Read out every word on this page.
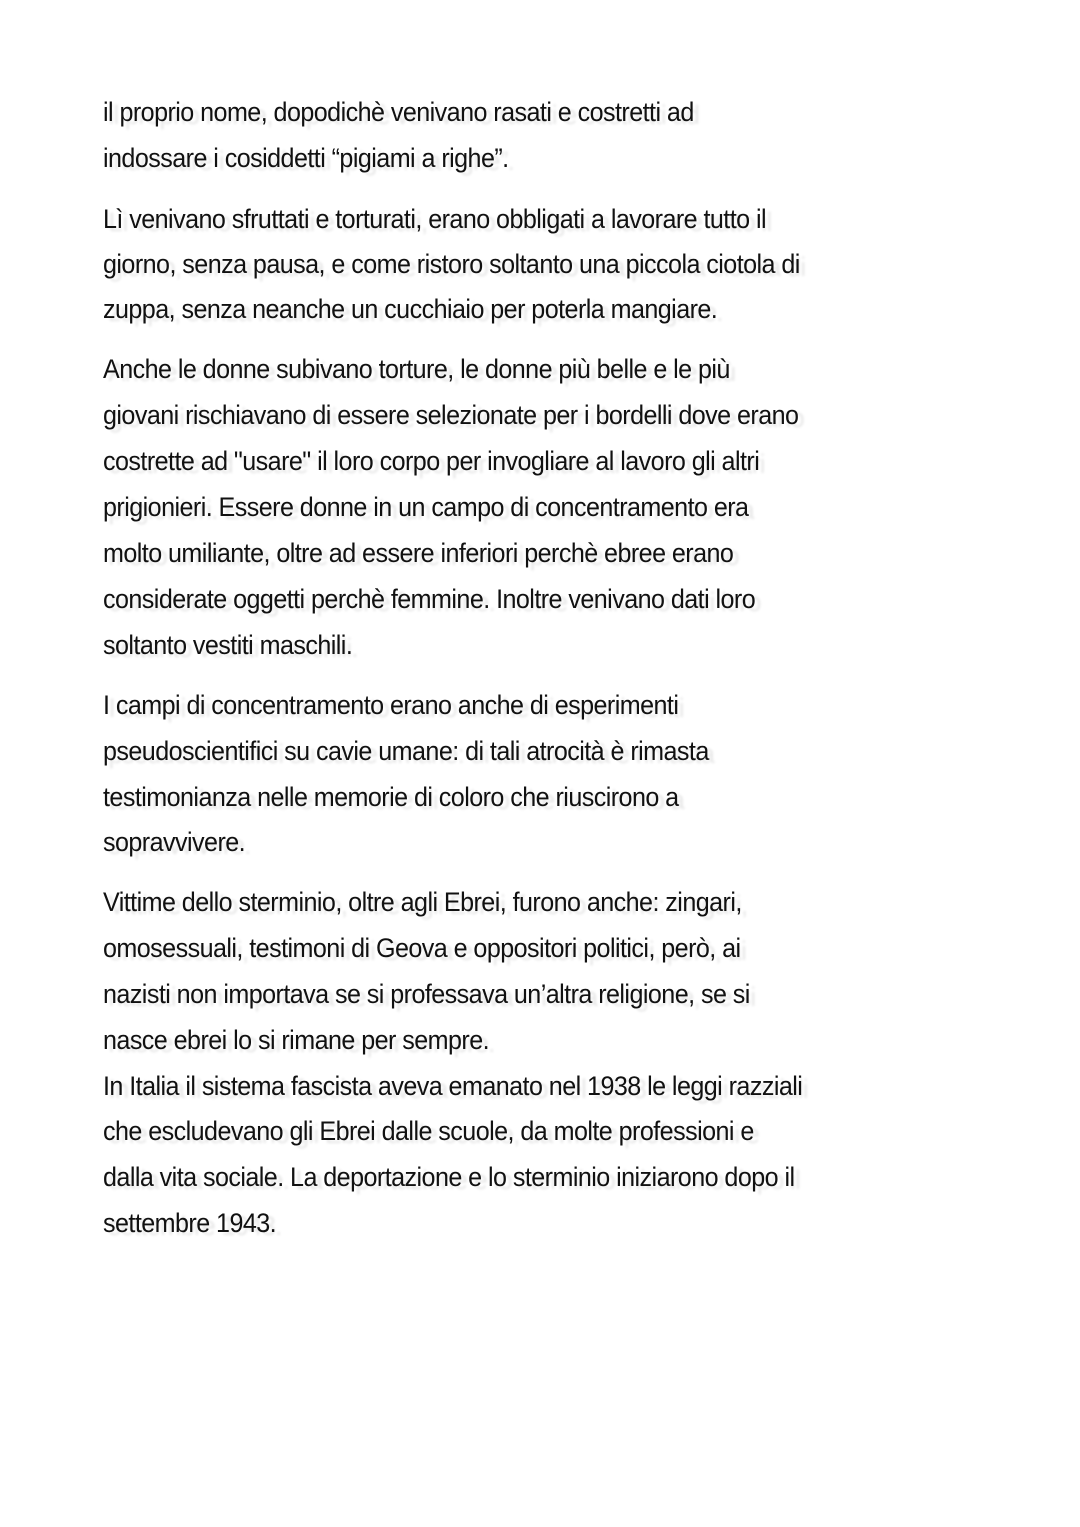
il proprio nome, dopodichè venivano rasati e costretti ad
indossare i cosiddetti “pigiami a righe”.
Lì venivano sfruttati e torturati, erano obbligati a lavorare tutto il
giorno, senza pausa, e come ristoro soltanto una piccola ciotola di
zuppa, senza neanche un cucchiaio per poterla mangiare.
Anche le donne subivano torture, le donne più belle e le più
giovani rischiavano di essere selezionate per i bordelli dove erano
costrette ad "usare" il loro corpo per invogliare al lavoro gli altri
prigionieri. Essere donne in un campo di concentramento era
molto umiliante, oltre ad essere inferiori perchè ebree erano
considerate oggetti perchè femmine. Inoltre venivano dati loro
soltanto vestiti maschili.
I campi di concentramento erano anche di esperimenti
pseudoscientifici su cavie umane: di tali atrocità è rimasta
testimonianza nelle memorie di coloro che riuscirono a
sopravvivere.
Vittime dello sterminio, oltre agli Ebrei, furono anche: zingari,
omosessuali, testimoni di Geova e oppositori politici, però, ai
nazisti non importava se si professava un’altra religione, se si
nasce ebrei lo si rimane per sempre.
In Italia il sistema fascista aveva emanato nel 1938 le leggi razziali
che escludevano gli Ebrei dalle scuole, da molte professioni e
dalla vita sociale. La deportazione e lo sterminio iniziarono dopo il
settembre 1943.
